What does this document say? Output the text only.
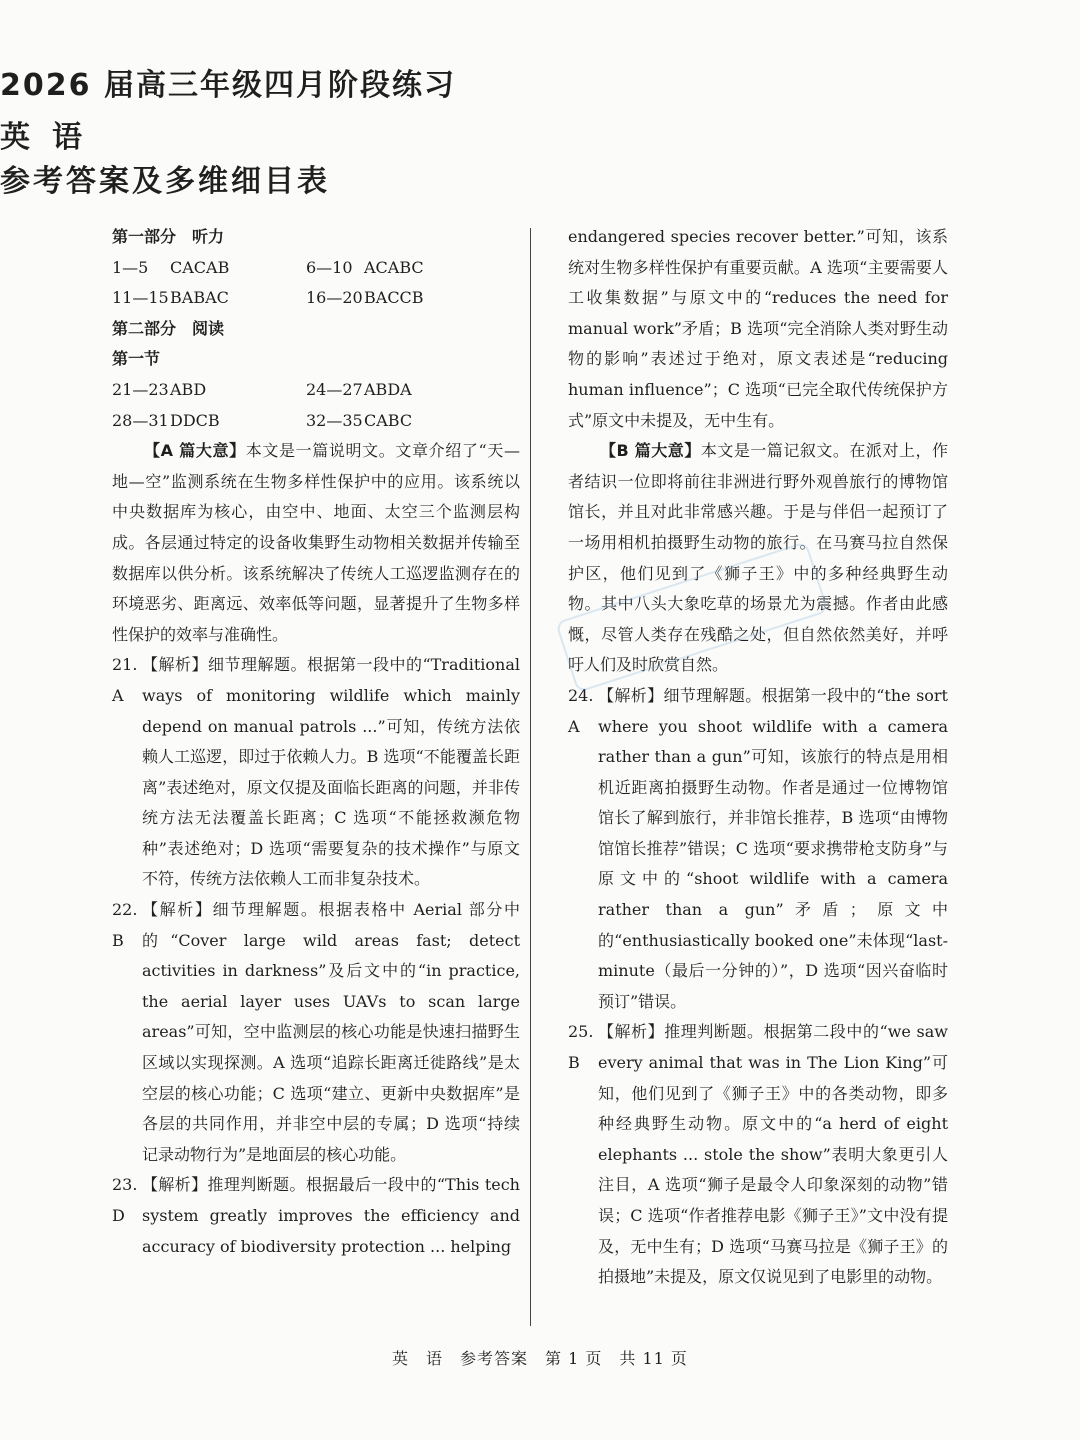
2026 届高三年级四月阶段练习
英语
参考答案及多维细目表
第一部分　听力
1—5 CACAB	6—10 ACABC
11—15BABAC	16—20BACCB
第二部分　阅读
第一节
21—23ABD	24—27ABDA
28—31DDCB	32—35CABC

【A 篇大意】本文是一篇说明文。文章介绍了“天—地—空”监测系统在生物多样性保护中的应用。该系统以中央数据库为核心，由空中、地面、太空三个监测层构成。各层通过特定的设备收集野生动物相关数据并传输至数据库以供分析。该系统解决了传统人工巡逻监测存在的环境恶劣、距离远、效率低等问题，显著提升了生物多样性保护的效率与准确性。

21. A
【解析】细节理解题。根据第一段中的“Traditional ways of monitoring wildlife which mainly depend on manual patrols ...”可知，传统方法依赖人工巡逻，即过于依赖人力。B 选项“不能覆盖长距离”表述绝对，原文仅提及面临长距离的问题，并非传统方法无法覆盖长距离；C 选项“不能拯救濒危物种”表述绝对；D 选项“需要复杂的技术操作”与原文不符，传统方法依赖人工而非复杂技术。
22. B
【解析】细节理解题。根据表格中 Aerial 部分中的“Cover large wild areas fast; detect activities in darkness”及后文中的“in practice, the aerial layer uses UAVs to scan large areas”可知，空中监测层的核心功能是快速扫描野生区域以实现探测。A 选项“追踪长距离迁徙路线”是太空层的核心功能；C 选项“建立、更新中央数据库”是各层的共同作用，并非空中层的专属；D 选项“持续记录动物行为”是地面层的核心功能。
23. D
【解析】推理判断题。根据最后一段中的“This tech system greatly improves the efficiency and accuracy of biodiversity protection ... helping

endangered species recover better.”可知，该系统对生物多样性保护有重要贡献。A 选项“主要需要人工收集数据”与原文中的“reduces the need for manual work”矛盾；B 选项“完全消除人类对野生动物的影响”表述过于绝对，原文表述是“reducing human influence”；C 选项“已完全取代传统保护方式”原文中未提及，无中生有。

【B 篇大意】本文是一篇记叙文。在派对上，作者结识一位即将前往非洲进行野外观兽旅行的博物馆馆长，并且对此非常感兴趣。于是与伴侣一起预订了一场用相机拍摄野生动物的旅行。在马赛马拉自然保护区，他们见到了《狮子王》中的多种经典野生动物。其中八头大象吃草的场景尤为震撼。作者由此感慨，尽管人类存在残酷之处，但自然依然美好，并呼吁人们及时欣赏自然。

24. A
【解析】细节理解题。根据第一段中的“the sort where you shoot wildlife with a camera rather than a gun”可知，该旅行的特点是用相机近距离拍摄野生动物。作者是通过一位博物馆馆长了解到旅行，并非馆长推荐，B 选项“由博物馆馆长推荐”错误；C 选项“要求携带枪支防身”与原文中的“shoot wildlife with a camera rather than a gun”矛盾；原文中的“enthusiastically booked one”未体现“last-minute（最后一分钟的）”，D 选项“因兴奋临时预订”错误。
25. B
【解析】推理判断题。根据第二段中的“we saw every animal that was in The Lion King”可知，他们见到了《狮子王》中的各类动物，即多种经典野生动物。原文中的“a herd of eight elephants ... stole the show”表明大象更引人注目，A 选项“狮子是最令人印象深刻的动物”错误；C 选项“作者推荐电影《狮子王》”文中没有提及，无中生有；D 选项“马赛马拉是《狮子王》的拍摄地”未提及，原文仅说见到了电影里的动物。
英　语　参考答案　第 1 页　共 11 页
